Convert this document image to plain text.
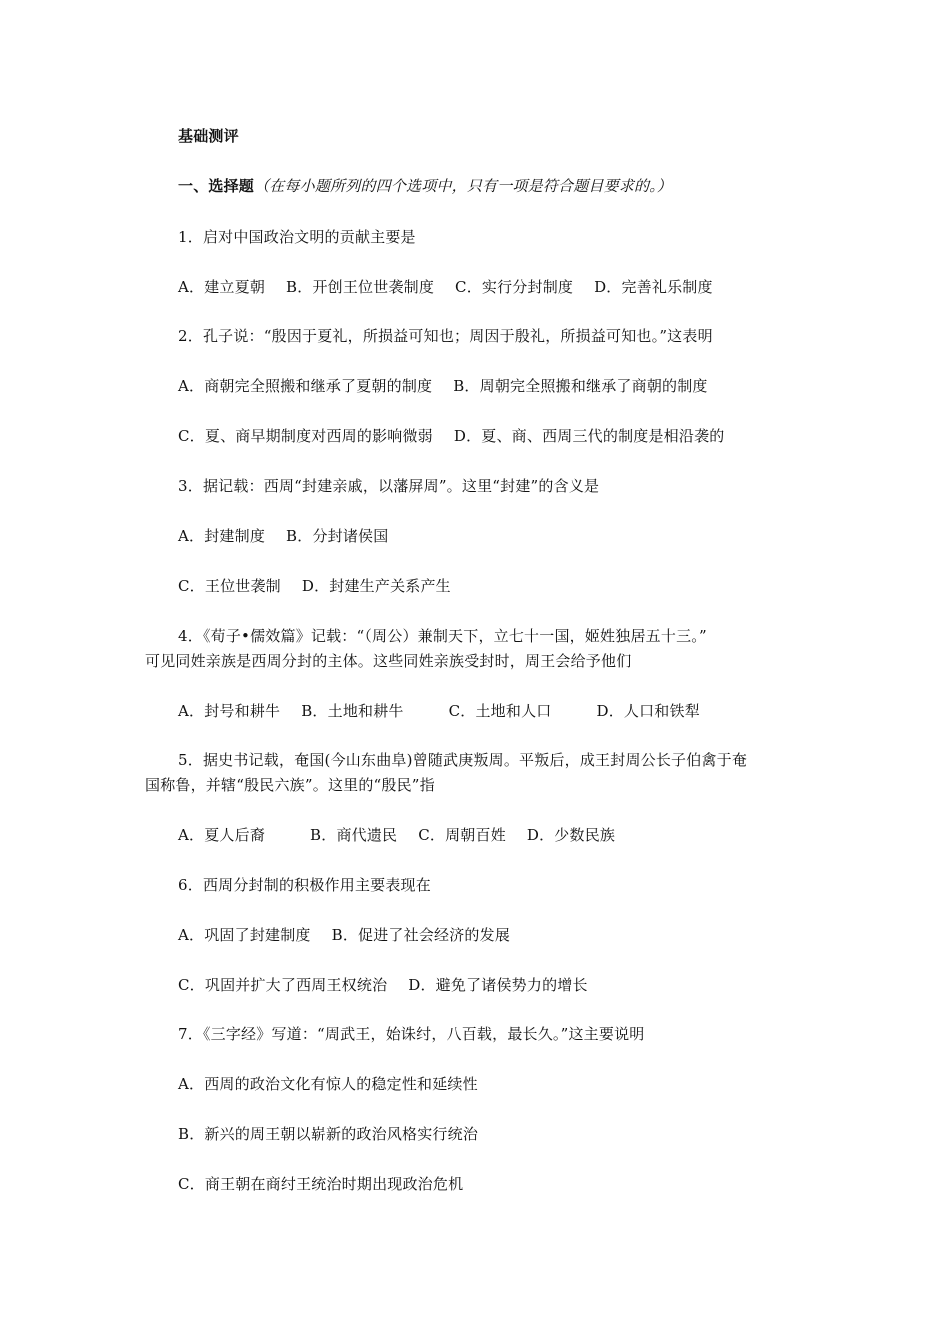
基础测评
一、选择题（在每小题所列的四个选项中，只有一项是符合题目要求的。）
1．启对中国政治文明的贡献主要是
A．建立夏朝 B．开创王位世袭制度 C．实行分封制度 D．完善礼乐制度
2．孔子说：“殷因于夏礼，所损益可知也；周因于殷礼，所损益可知也。”这表明
A．商朝完全照搬和继承了夏朝的制度 B．周朝完全照搬和继承了商朝的制度
C．夏、商早期制度对西周的影响微弱 D．夏、商、西周三代的制度是相沿袭的
3．据记载：西周“封建亲戚，以藩屏周”。这里“封建”的含义是
A．封建制度 B．分封诸侯国
C．王位世袭制 D．封建生产关系产生
4．《荀子•儒效篇》记载：“（周公）兼制天下，立七十一国，姬姓独居五十三。”
可见同姓亲族是西周分封的主体。这些同姓亲族受封时，周王会给予他们
A．封号和耕牛 B．土地和耕牛	C．土地和人口	D．人口和铁犁
5．据史书记载，奄国(今山东曲阜)曾随武庚叛周。平叛后，成王封周公长子伯禽于奄
国称鲁，并辖“殷民六族”。这里的“殷民”指
A．夏人后裔	B．商代遗民 C．周朝百姓 D．少数民族
6．西周分封制的积极作用主要表现在
A．巩固了封建制度 B．促进了社会经济的发展
C．巩固并扩大了西周王权统治 D．避免了诸侯势力的增长
7．《三字经》写道：“周武王，始诛纣，八百载，最长久。”这主要说明
A．西周的政治文化有惊人的稳定性和延续性
B．新兴的周王朝以崭新的政治风格实行统治
C．商王朝在商纣王统治时期出现政治危机
